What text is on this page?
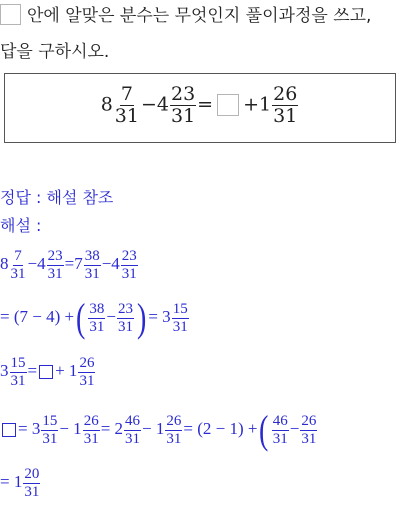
안에 알맞은 분수는 무엇인지 풀이과정을 쓰고,
답을 구하시오.
$8 \frac{7}{31} -4 \frac{23}{31} = +1 \frac{26}{31}$
정답 : 해설 참조
해설 :
$8 \frac{7}{31} -4 \frac{23}{31} =7 \frac{38}{31} -4 \frac{23}{31}$
= (7 − 4) +( $\frac{38}{31} - \frac{23}{31}$ ) = $3 \frac{15}{31}$
$3 \frac{15}{31}$ = + $1 \frac{26}{31}$
= $3 \frac{15}{31} - 1 \frac{26}{31} = 2 \frac{46}{31} - 1 \frac{26}{31} = (2 - 1)$ +( $\frac{46}{31} - \frac{26}{31}$
= $1 \frac{20}{31}$
